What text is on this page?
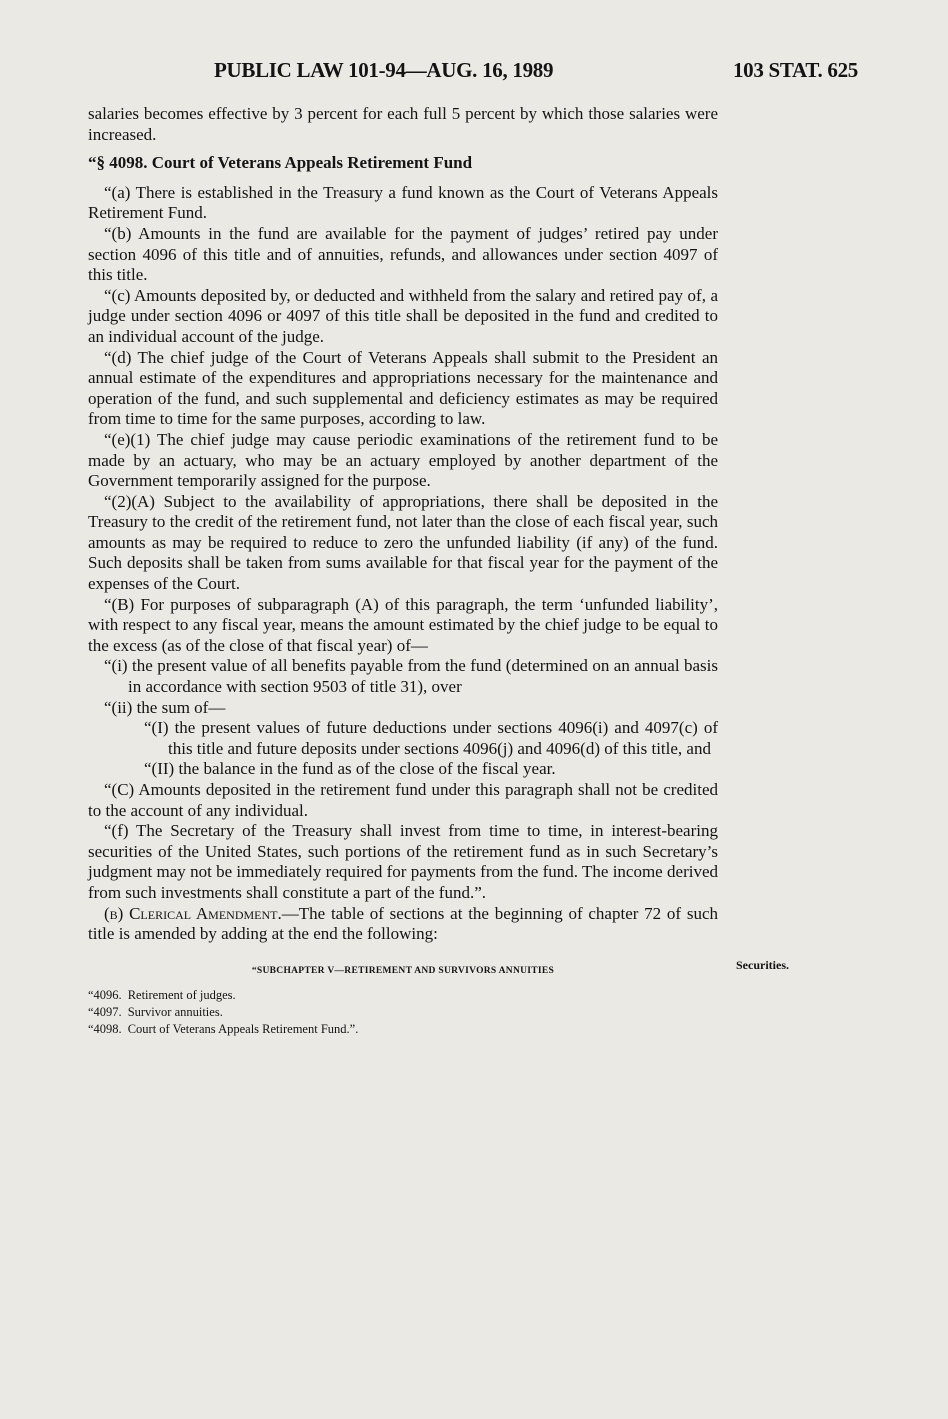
PUBLIC LAW 101-94—AUG. 16, 1989	103 STAT. 625
Securities.

salaries becomes effective by 3 percent for each full 5 percent by which those salaries were increased.

“§ 4098. Court of Veterans Appeals Retirement Fund

“(a) There is established in the Treasury a fund known as the Court of Veterans Appeals Retirement Fund.

“(b) Amounts in the fund are available for the payment of judges’ retired pay under section 4096 of this title and of annuities, refunds, and allowances under section 4097 of this title.

“(c) Amounts deposited by, or deducted and withheld from the salary and retired pay of, a judge under section 4096 or 4097 of this title shall be deposited in the fund and credited to an individual account of the judge.

“(d) The chief judge of the Court of Veterans Appeals shall submit to the President an annual estimate of the expenditures and appropriations necessary for the maintenance and operation of the fund, and such supplemental and deficiency estimates as may be required from time to time for the same purposes, according to law.

“(e)(1) The chief judge may cause periodic examinations of the retirement fund to be made by an actuary, who may be an actuary employed by another department of the Government temporarily assigned for the purpose.

“(2)(A) Subject to the availability of appropriations, there shall be deposited in the Treasury to the credit of the retirement fund, not later than the close of each fiscal year, such amounts as may be required to reduce to zero the unfunded liability (if any) of the fund. Such deposits shall be taken from sums available for that fiscal year for the payment of the expenses of the Court.

“(B) For purposes of subparagraph (A) of this paragraph, the term ‘unfunded liability’, with respect to any fiscal year, means the amount estimated by the chief judge to be equal to the excess (as of the close of that fiscal year) of—

“(i) the present value of all benefits payable from the fund (determined on an annual basis in accordance with section 9503 of title 31), over

“(ii) the sum of—

“(I) the present values of future deductions under sections 4096(i) and 4097(c) of this title and future deposits under sections 4096(j) and 4096(d) of this title, and

“(II) the balance in the fund as of the close of the fiscal year.

“(C) Amounts deposited in the retirement fund under this paragraph shall not be credited to the account of any individual.

“(f) The Secretary of the Treasury shall invest from time to time, in interest-bearing securities of the United States, such portions of the retirement fund as in such Secretary’s judgment may not be immediately required for payments from the fund. The income derived from such investments shall constitute a part of the fund.”.

(b) Clerical Amendment.—The table of sections at the beginning of chapter 72 of such title is amended by adding at the end the following:

“SUBCHAPTER V—RETIREMENT AND SURVIVORS ANNUITIES
“4096. Retirement of judges.
“4097. Survivor annuities.
“4098. Court of Veterans Appeals Retirement Fund.”.
